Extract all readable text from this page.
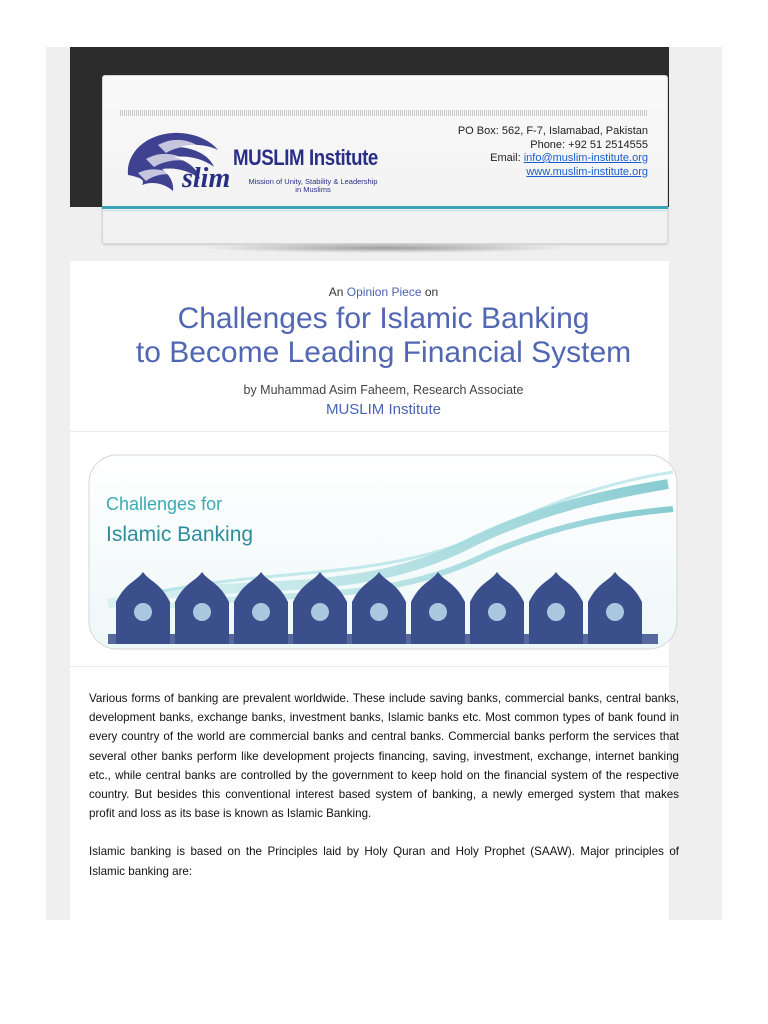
slim
MUSLIM Institute
Mission of Unity, Stability & Leadership
in Muslims
PO Box: 562, F-7, Islamabad, Pakistan
Phone: +92 51 2514555
Email: info@muslim-institute.org
www.muslim-institute.org
An Opinion Piece on
Challenges for Islamic Banking
to Become Leading Financial System
by Muhammad Asim Faheem, Research Associate
MUSLIM Institute
Challenges for
Islamic Banking

Various forms of banking are prevalent worldwide. These include saving banks, commercial banks, central banks, development banks, exchange banks, investment banks, Islamic banks etc. Most common types of bank found in every country of the world are commercial banks and central banks. Commercial banks perform the services that several other banks perform like development projects financing, saving, investment, exchange, internet banking etc., while central banks are controlled by the government to keep hold on the financial system of the respective country. But besides this conventional interest based system of banking, a newly emerged system that makes profit and loss as its base is known as Islamic Banking.

Islamic banking is based on the Principles laid by Holy Quran and Holy Prophet (SAAW). Major principles of Islamic banking are:
